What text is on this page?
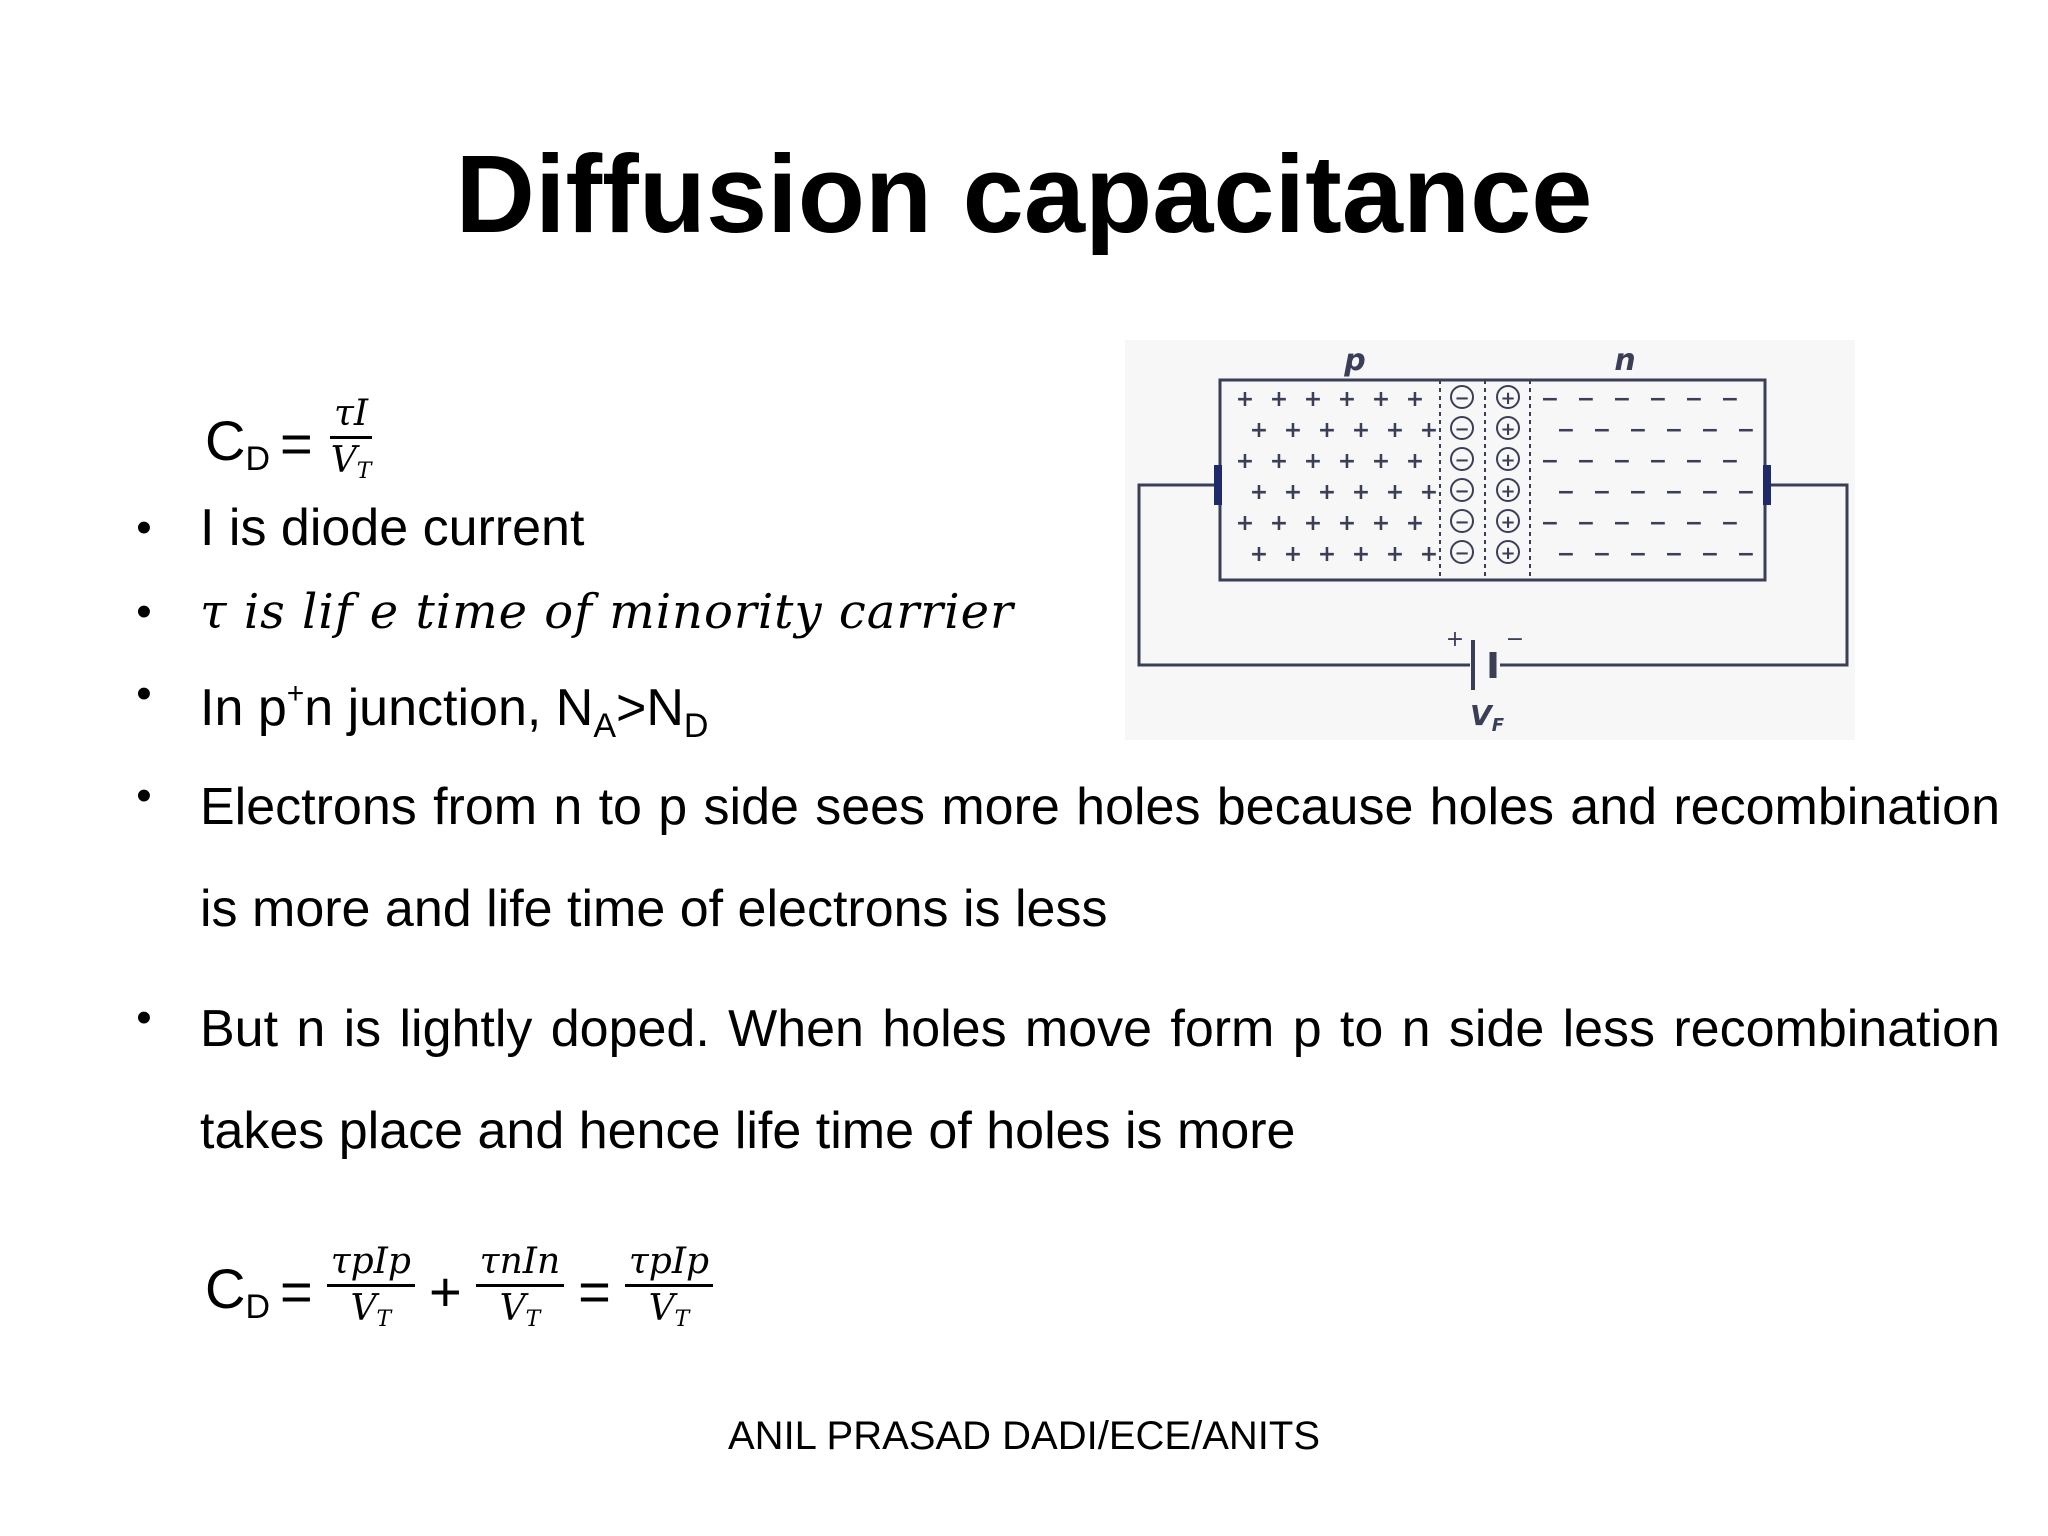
Diffusion capacitance
$C_D = \frac{\tau I}{V_T}$
• I is diode current
• τ is lif e time of minority carrier
• In p+n junction, $N_A>N_D$
• Electrons from n to p side sees more holes because holes and recombination is more and life time of electrons is less
• But n is lightly doped. When holes move form p to n side less recombination takes place and hence life time of holes is more
$C_D = \frac{\text{τpIp}}{V_T} + \frac{\text{τnIn}}{V_T} = \frac{\text{τpIp}}{V_T}$
ANIL PRASAD DADI/ECE/ANITS
p	n
+ + + + + +
+ + + + + +
+ + + + + +
+ + + + + +
+ + + + + +
+ + + + + +
−
−
−
−
−
−
+
+
+
+
+
+
− − − − − −
− − − − − −
− − − − − −
− − − − − −
− − − − − −
− − − − − −
+ −
$V_F$
